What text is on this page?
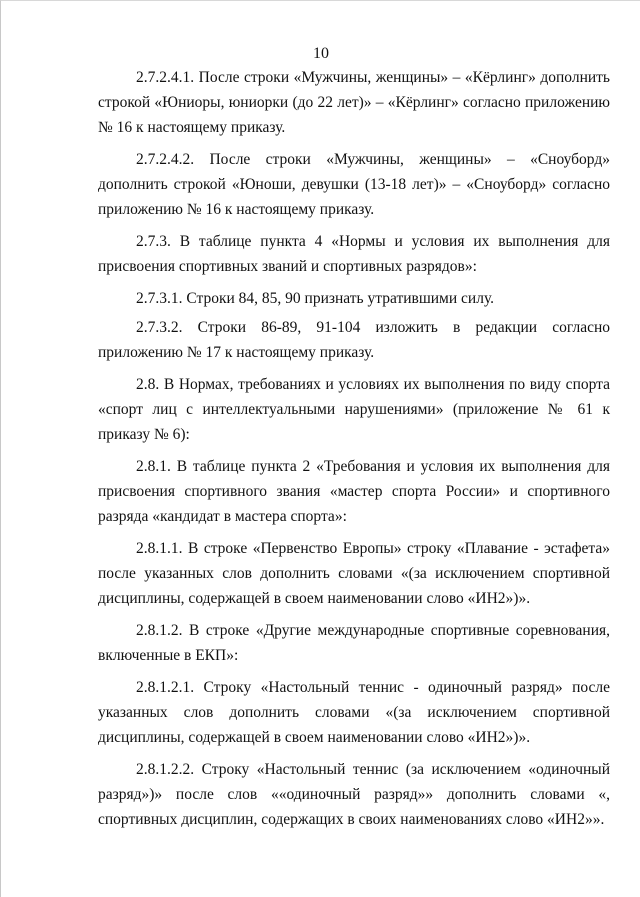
10

2.7.2.4.1. После строки «Мужчины, женщины» – «Кёрлинг» дополнить строкой «Юниоры, юниорки (до 22 лет)» – «Кёрлинг» согласно приложению № 16 к настоящему приказу.

2.7.2.4.2. После строки «Мужчины, женщины» – «Сноуборд» дополнить строкой «Юноши, девушки (13-18 лет)» – «Сноуборд» согласно приложению № 16 к настоящему приказу.

2.7.3. В таблице пункта 4 «Нормы и условия их выполнения для присвоения спортивных званий и спортивных разрядов»:

2.7.3.1. Строки 84, 85, 90 признать утратившими силу.

2.7.3.2. Строки 86-89, 91-104 изложить в редакции согласно приложению № 17 к настоящему приказу.

2.8. В Нормах, требованиях и условиях их выполнения по виду спорта «спорт лиц с интеллектуальными нарушениями» (приложение № 61 к приказу № 6):

2.8.1. В таблице пункта 2 «Требования и условия их выполнения для присвоения спортивного звания «мастер спорта России» и спортивного разряда «кандидат в мастера спорта»:

2.8.1.1. В строке «Первенство Европы» строку «Плавание - эстафета» после указанных слов дополнить словами «(за исключением спортивной дисциплины, содержащей в своем наименовании слово «ИН2»)».

2.8.1.2. В строке «Другие международные спортивные соревнования, включенные в ЕКП»:

2.8.1.2.1. Строку «Настольный теннис - одиночный разряд» после указанных слов дополнить словами «(за исключением спортивной дисциплины, содержащей в своем наименовании слово «ИН2»)».

2.8.1.2.2. Строку «Настольный теннис (за исключением «одиночный разряд»)» после слов ««одиночный разряд»» дополнить словами «, спортивных дисциплин, содержащих в своих наименованиях слово «ИН2»».
